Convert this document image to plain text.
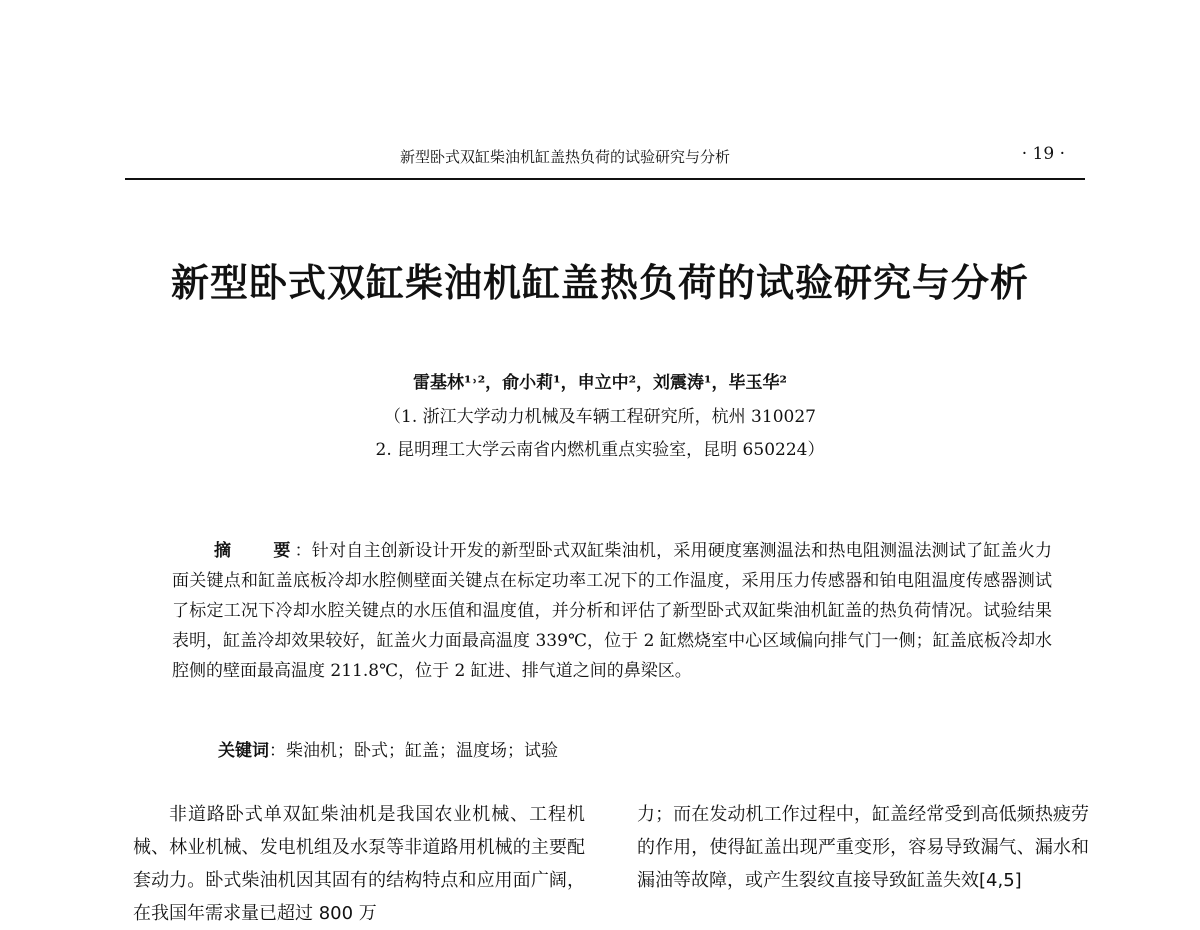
新型卧式双缸柴油机缸盖热负荷的试验研究与分析	· 19 ·
新型卧式双缸柴油机缸盖热负荷的试验研究与分析
雷基林¹˒²，俞小莉¹，申立中²，刘震涛¹，毕玉华²
（1. 浙江大学动力机械及车辆工程研究所，杭州 310027
2. 昆明理工大学云南省内燃机重点实验室，昆明 650224）
摘 要：针对自主创新设计开发的新型卧式双缸柴油机，采用硬度塞测温法和热电阻测温法测试了缸盖火力面关键点和缸盖底板冷却水腔侧壁面关键点在标定功率工况下的工作温度，采用压力传感器和铂电阻温度传感器测试了标定工况下冷却水腔关键点的水压值和温度值，并分析和评估了新型卧式双缸柴油机缸盖的热负荷情况。试验结果表明，缸盖冷却效果较好，缸盖火力面最高温度 339℃，位于 2 缸燃烧室中心区域偏向排气门一侧；缸盖底板冷却水腔侧的壁面最高温度 211.8℃，位于 2 缸进、排气道之间的鼻梁区。
关键词：柴油机；卧式；缸盖；温度场；试验
非道路卧式单双缸柴油机是我国农业机械、工程机械、林业机械、发电机组及水泵等非道路用机械的主要配套动力。卧式柴油机因其固有的结构特点和应用面广阔，在我国年需求量已超过 800 万
力；而在发动机工作过程中，缸盖经常受到高低频热疲劳的作用，使得缸盖出现严重变形，容易导致漏气、漏水和漏油等故障，或产生裂纹直接导致缸盖失效[4,5]
